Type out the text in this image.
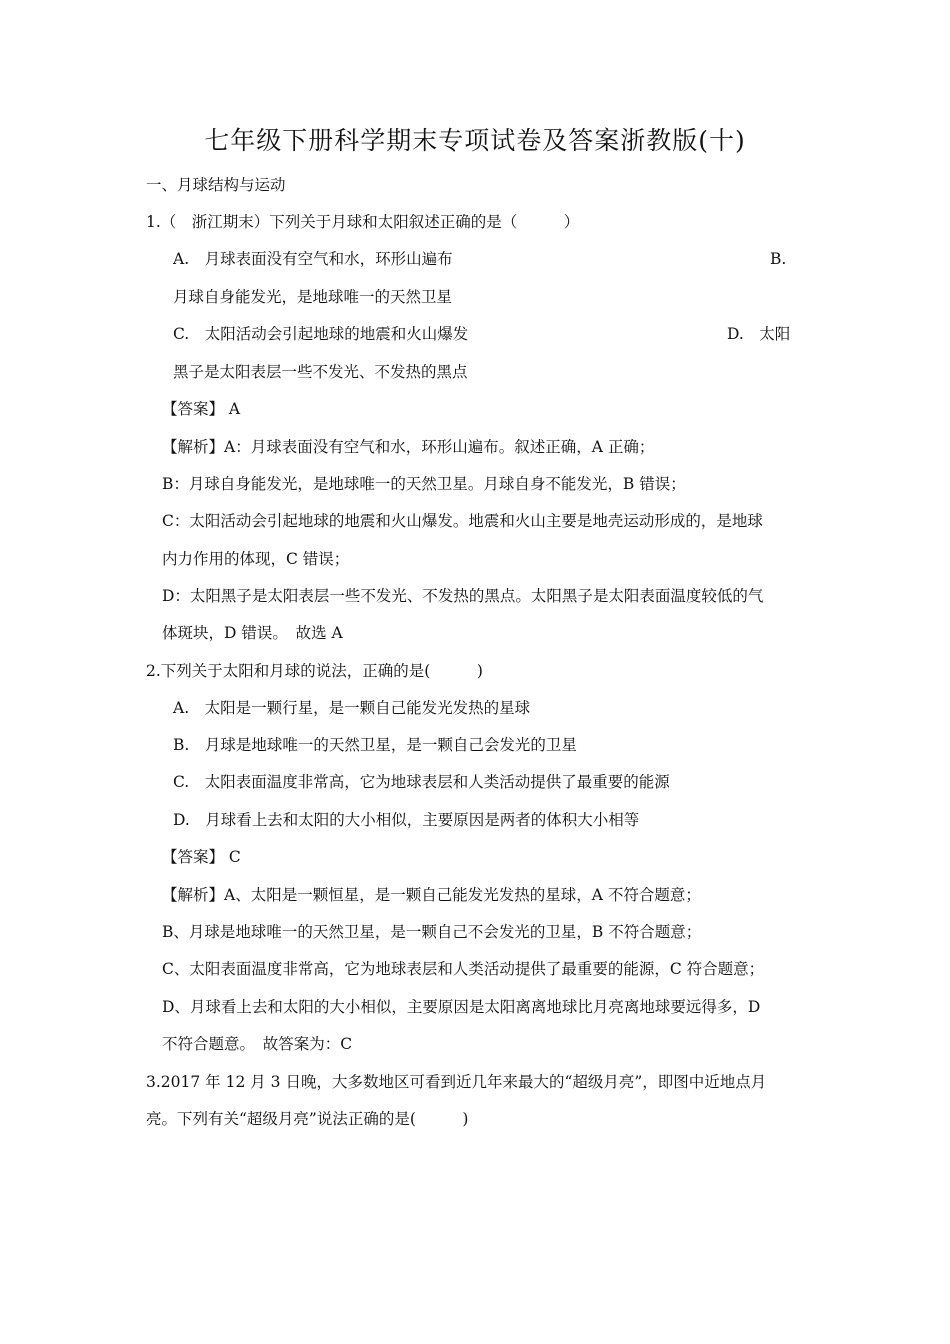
七年级下册科学期末专项试卷及答案浙教版(十)
一、月球结构与运动
1.（　浙江期末）下列关于月球和太阳叙述正确的是（　　　）
A.　月球表面没有空气和水，环形山遍布	B.
月球自身能发光，是地球唯一的天然卫星
C.　太阳活动会引起地球的地震和火山爆发	D.　太阳
黑子是太阳表层一些不发光、不发热的黑点
【答案】 A
【解析】A：月球表面没有空气和水，环形山遍布。叙述正确，A 正确；
B：月球自身能发光，是地球唯一的天然卫星。月球自身不能发光，B 错误；
C：太阳活动会引起地球的地震和火山爆发。地震和火山主要是地壳运动形成的，是地球
内力作用的体现，C 错误；
D：太阳黑子是太阳表层一些不发光、不发热的黑点。太阳黑子是太阳表面温度较低的气
体斑块，D 错误。　故选 A
2.下列关于太阳和月球的说法，正确的是(　　　)
A.　太阳是一颗行星，是一颗自己能发光发热的星球
B.　月球是地球唯一的天然卫星，是一颗自己会发光的卫星
C.　太阳表面温度非常高，它为地球表层和人类活动提供了最重要的能源
D.　月球看上去和太阳的大小相似，主要原因是两者的体积大小相等
【答案】 C
【解析】A、太阳是一颗恒星，是一颗自己能发光发热的星球，A 不符合题意；
B、月球是地球唯一的天然卫星，是一颗自己不会发光的卫星，B 不符合题意；
C、太阳表面温度非常高，它为地球表层和人类活动提供了最重要的能源，C 符合题意；
D、月球看上去和太阳的大小相似，主要原因是太阳离离地球比月亮离地球要远得多，D
不符合题意。　故答案为：C
3.2017 年 12 月 3 日晚，大多数地区可看到近几年来最大的“超级月亮”，即图中近地点月
亮。下列有关“超级月亮”说法正确的是(　　　)
